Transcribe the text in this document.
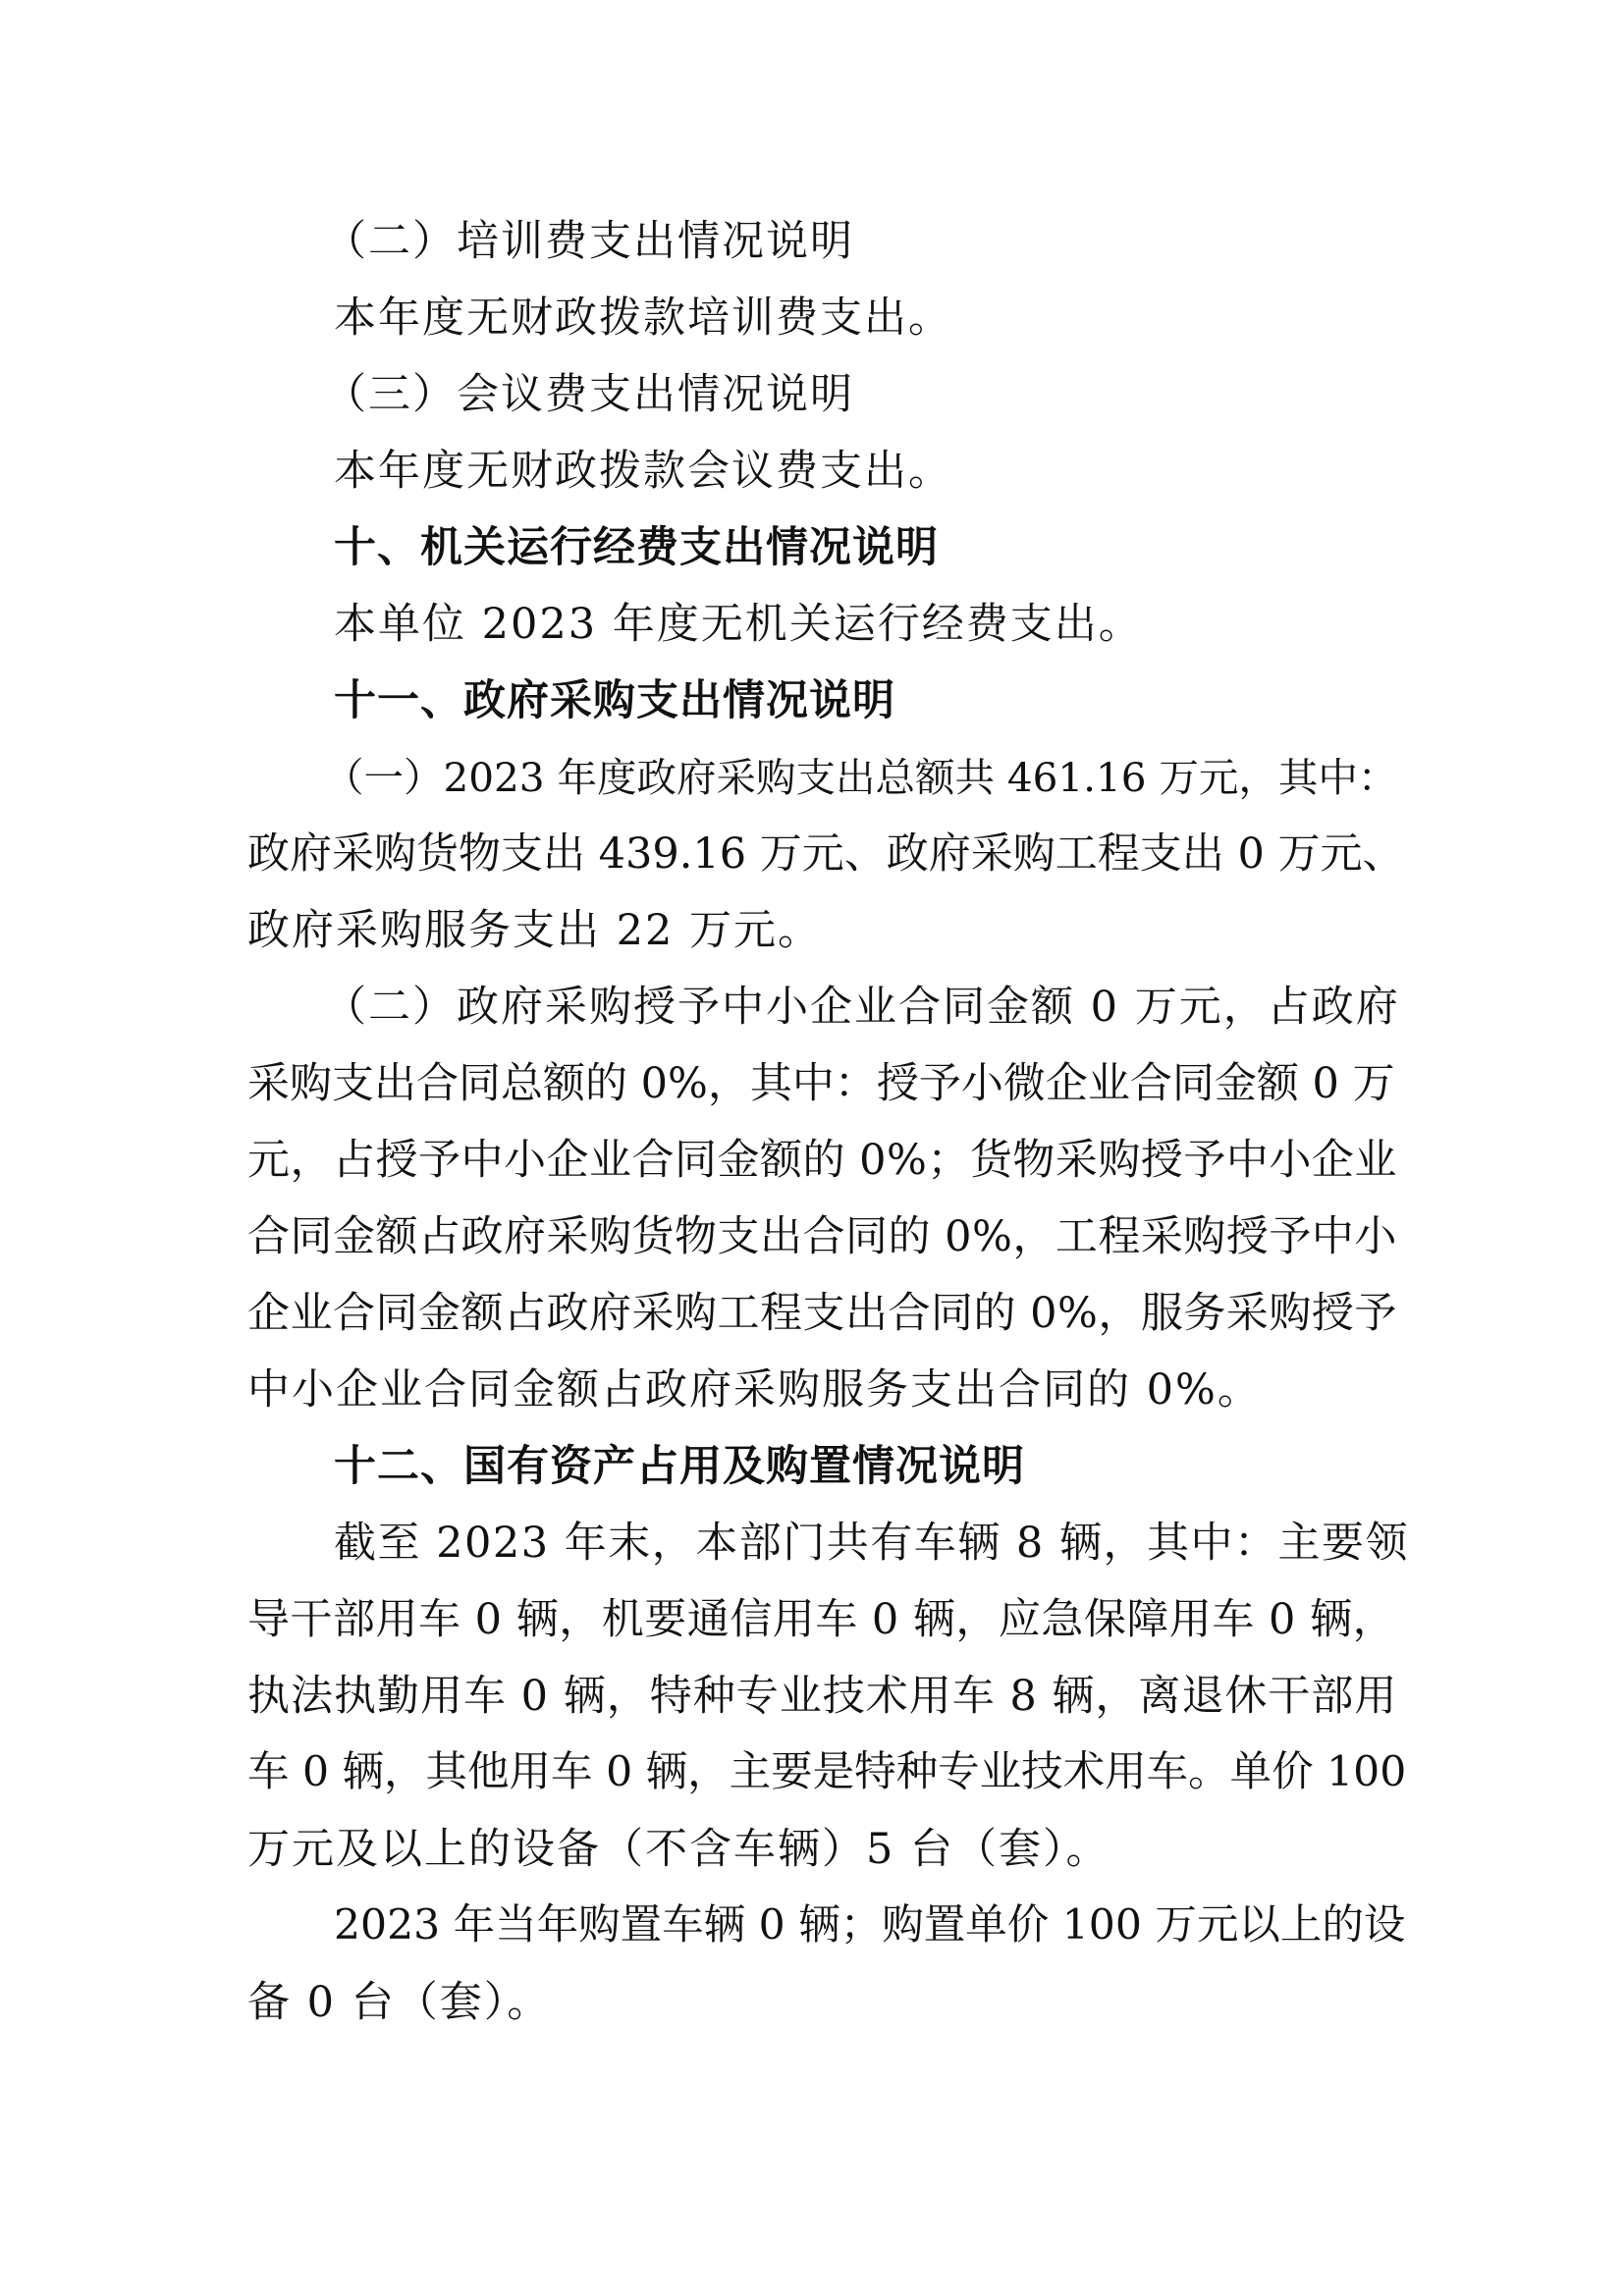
（二）培训费支出情况说明

本年度无财政拨款培训费支出。

（三）会议费支出情况说明

本年度无财政拨款会议费支出。

十、机关运行经费支出情况说明

本单位 2023 年度无机关运行经费支出。

十一、政府采购支出情况说明

（一）2023 年度政府采购支出总额共 461.16 万元，其中：

政府采购货物支出 439.16 万元、政府采购工程支出 0 万元、

政府采购服务支出 22 万元。

（二）政府采购授予中小企业合同金额 0 万元，占政府

采购支出合同总额的 0%，其中：授予小微企业合同金额 0 万

元，占授予中小企业合同金额的 0%；货物采购授予中小企业

合同金额占政府采购货物支出合同的 0%，工程采购授予中小

企业合同金额占政府采购工程支出合同的 0%，服务采购授予

中小企业合同金额占政府采购服务支出合同的 0%。

十二、国有资产占用及购置情况说明

截至 2023 年末，本部门共有车辆 8 辆，其中：主要领

导干部用车 0 辆，机要通信用车 0 辆，应急保障用车 0 辆，

执法执勤用车 0 辆，特种专业技术用车 8 辆，离退休干部用

车 0 辆，其他用车 0 辆，主要是特种专业技术用车。单价 100

万元及以上的设备（不含车辆）5 台（套）。

2023 年当年购置车辆 0 辆；购置单价 100 万元以上的设

备 0 台（套）。
